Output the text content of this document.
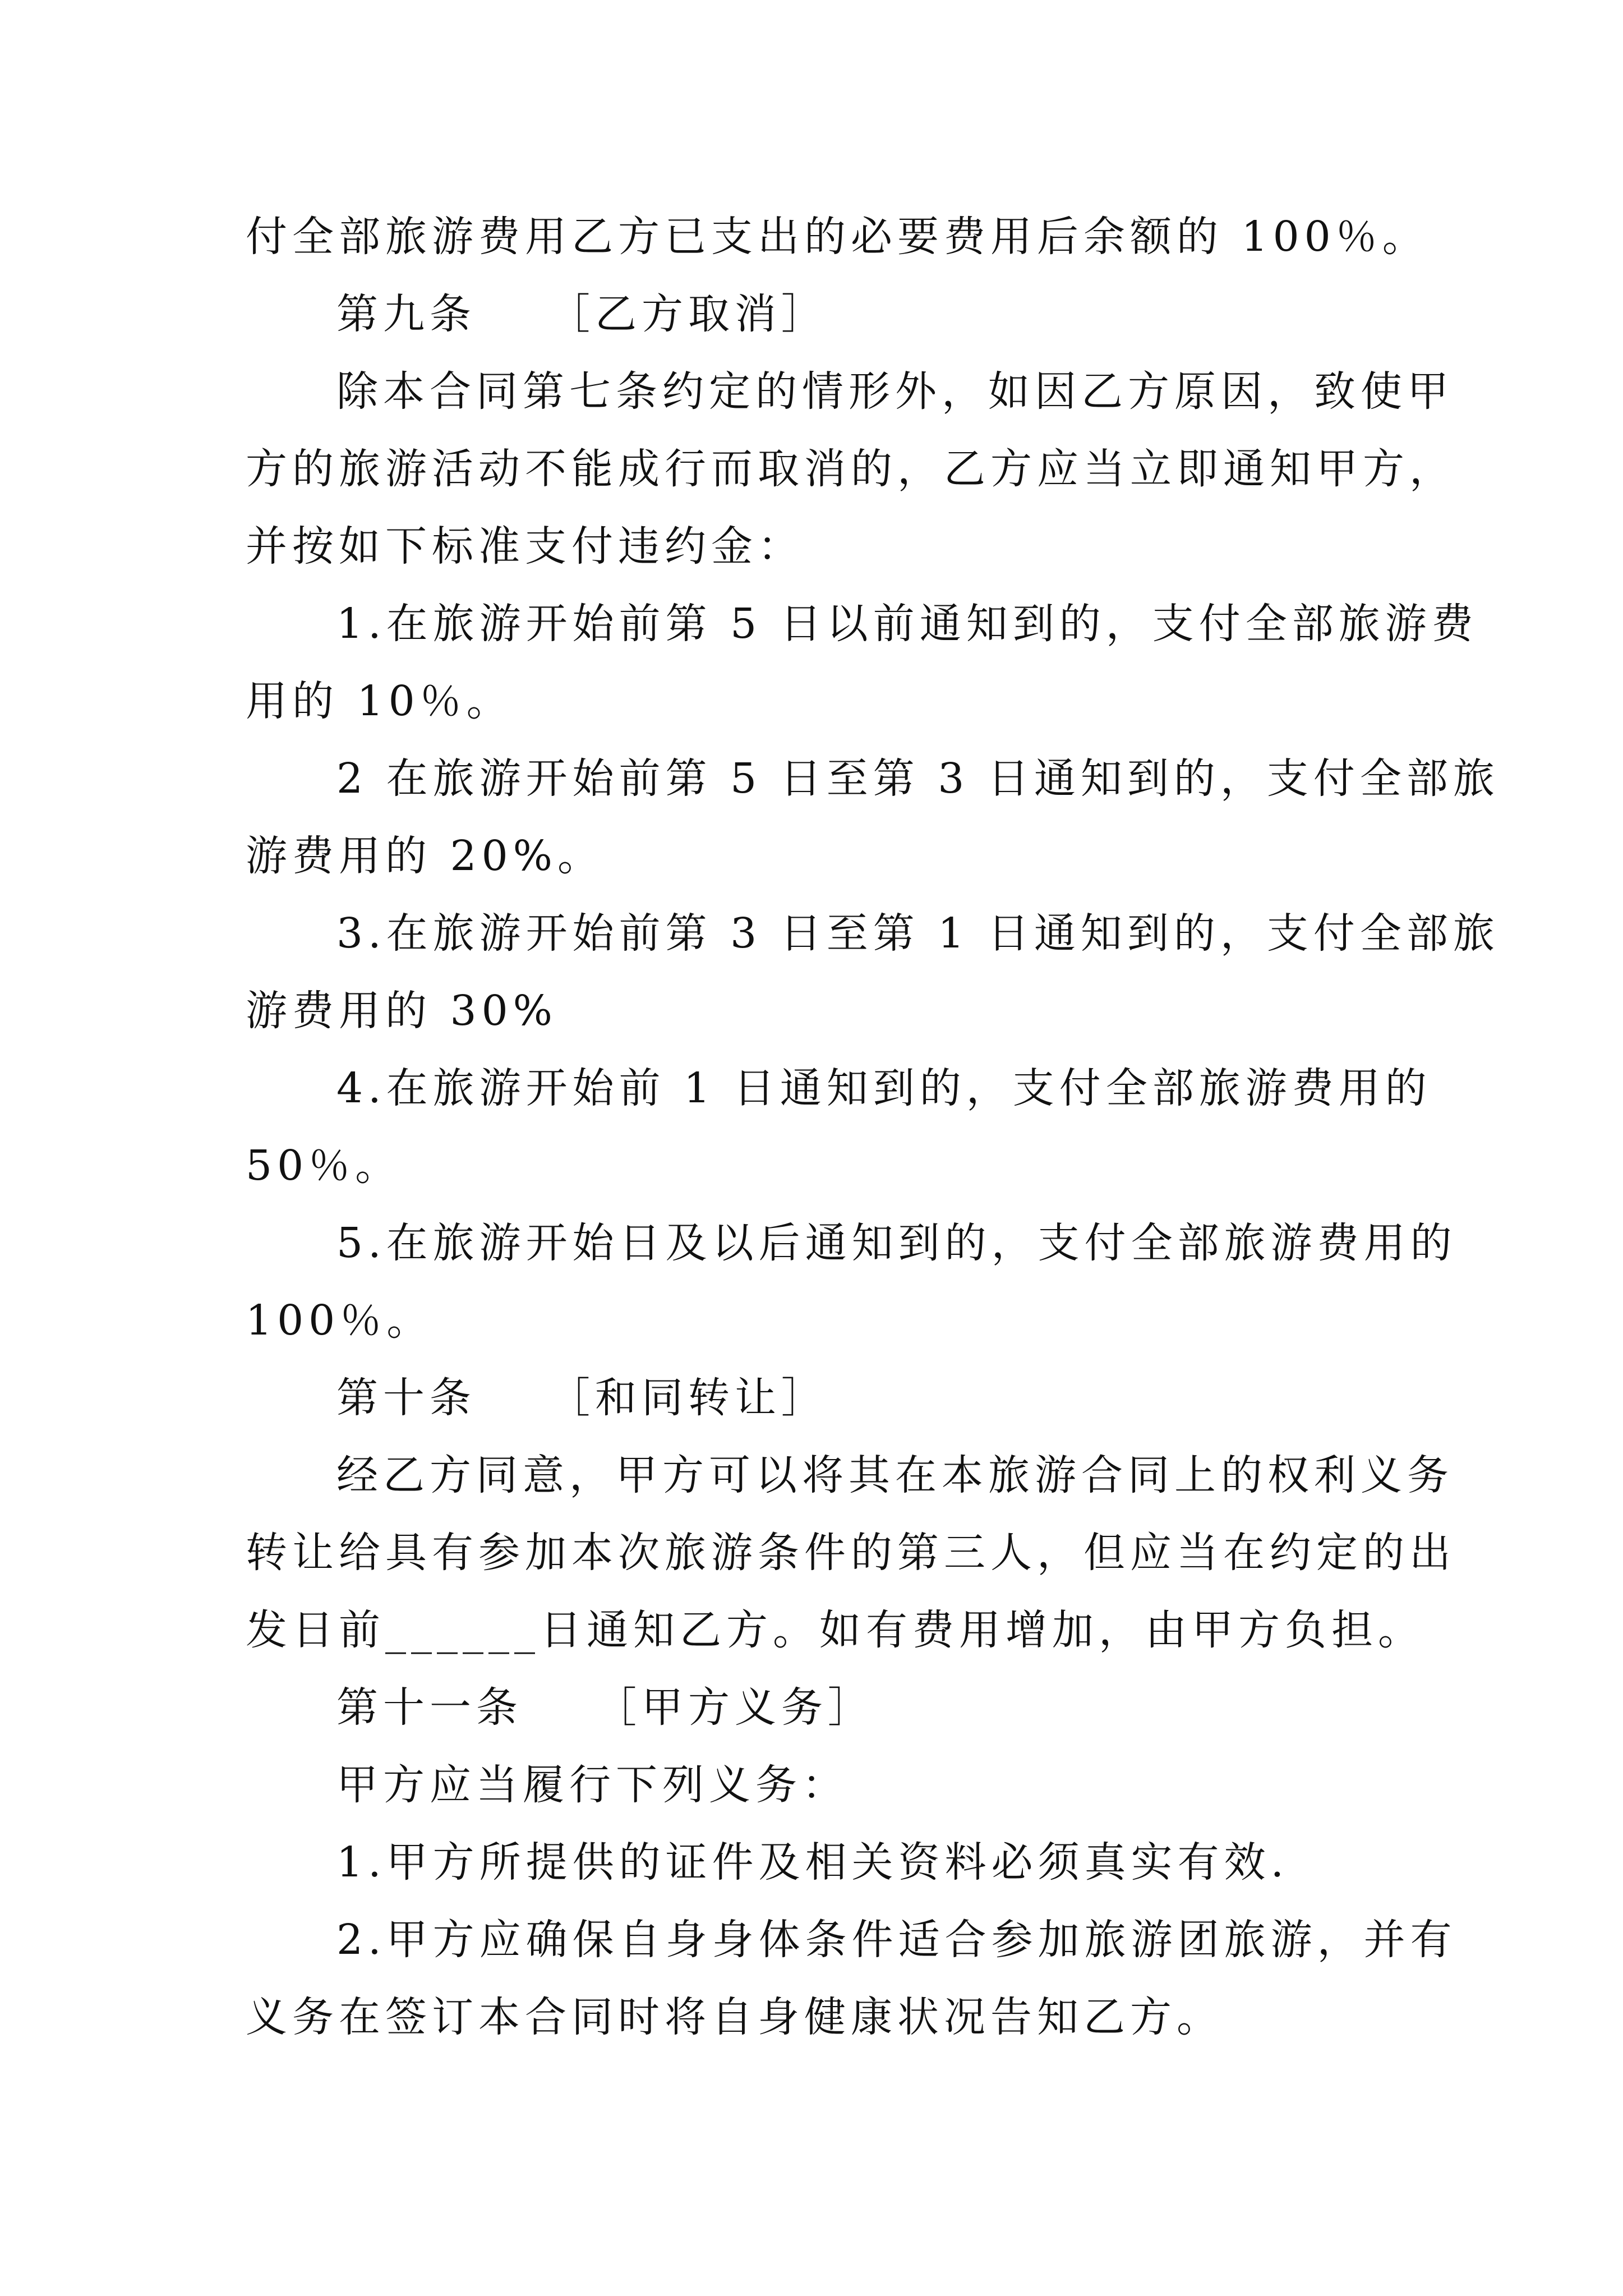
付全部旅游费用乙方已支出的必要费用后余额的 100％。
第九条　　［乙方取消］
除本合同第七条约定的情形外，如因乙方原因，致使甲
方的旅游活动不能成行而取消的，乙方应当立即通知甲方，
并按如下标准支付违约金：
1.在旅游开始前第 5 日以前通知到的，支付全部旅游费
用的 10％。
2 在旅游开始前第 5 日至第 3 日通知到的，支付全部旅
游费用的 20%。
3.在旅游开始前第 3 日至第 1 日通知到的，支付全部旅
游费用的 30%
4.在旅游开始前 1 日通知到的，支付全部旅游费用的
50％。
5.在旅游开始日及以后通知到的，支付全部旅游费用的
100％。
第十条　　［和同转让］
经乙方同意，甲方可以将其在本旅游合同上的权利义务
转让给具有参加本次旅游条件的第三人，但应当在约定的出
发日前______日通知乙方。如有费用增加，由甲方负担。
第十一条　　［甲方义务］
甲方应当履行下列义务：
1.甲方所提供的证件及相关资料必须真实有效.
2.甲方应确保自身身体条件适合参加旅游团旅游，并有
义务在签订本合同时将自身健康状况告知乙方。
